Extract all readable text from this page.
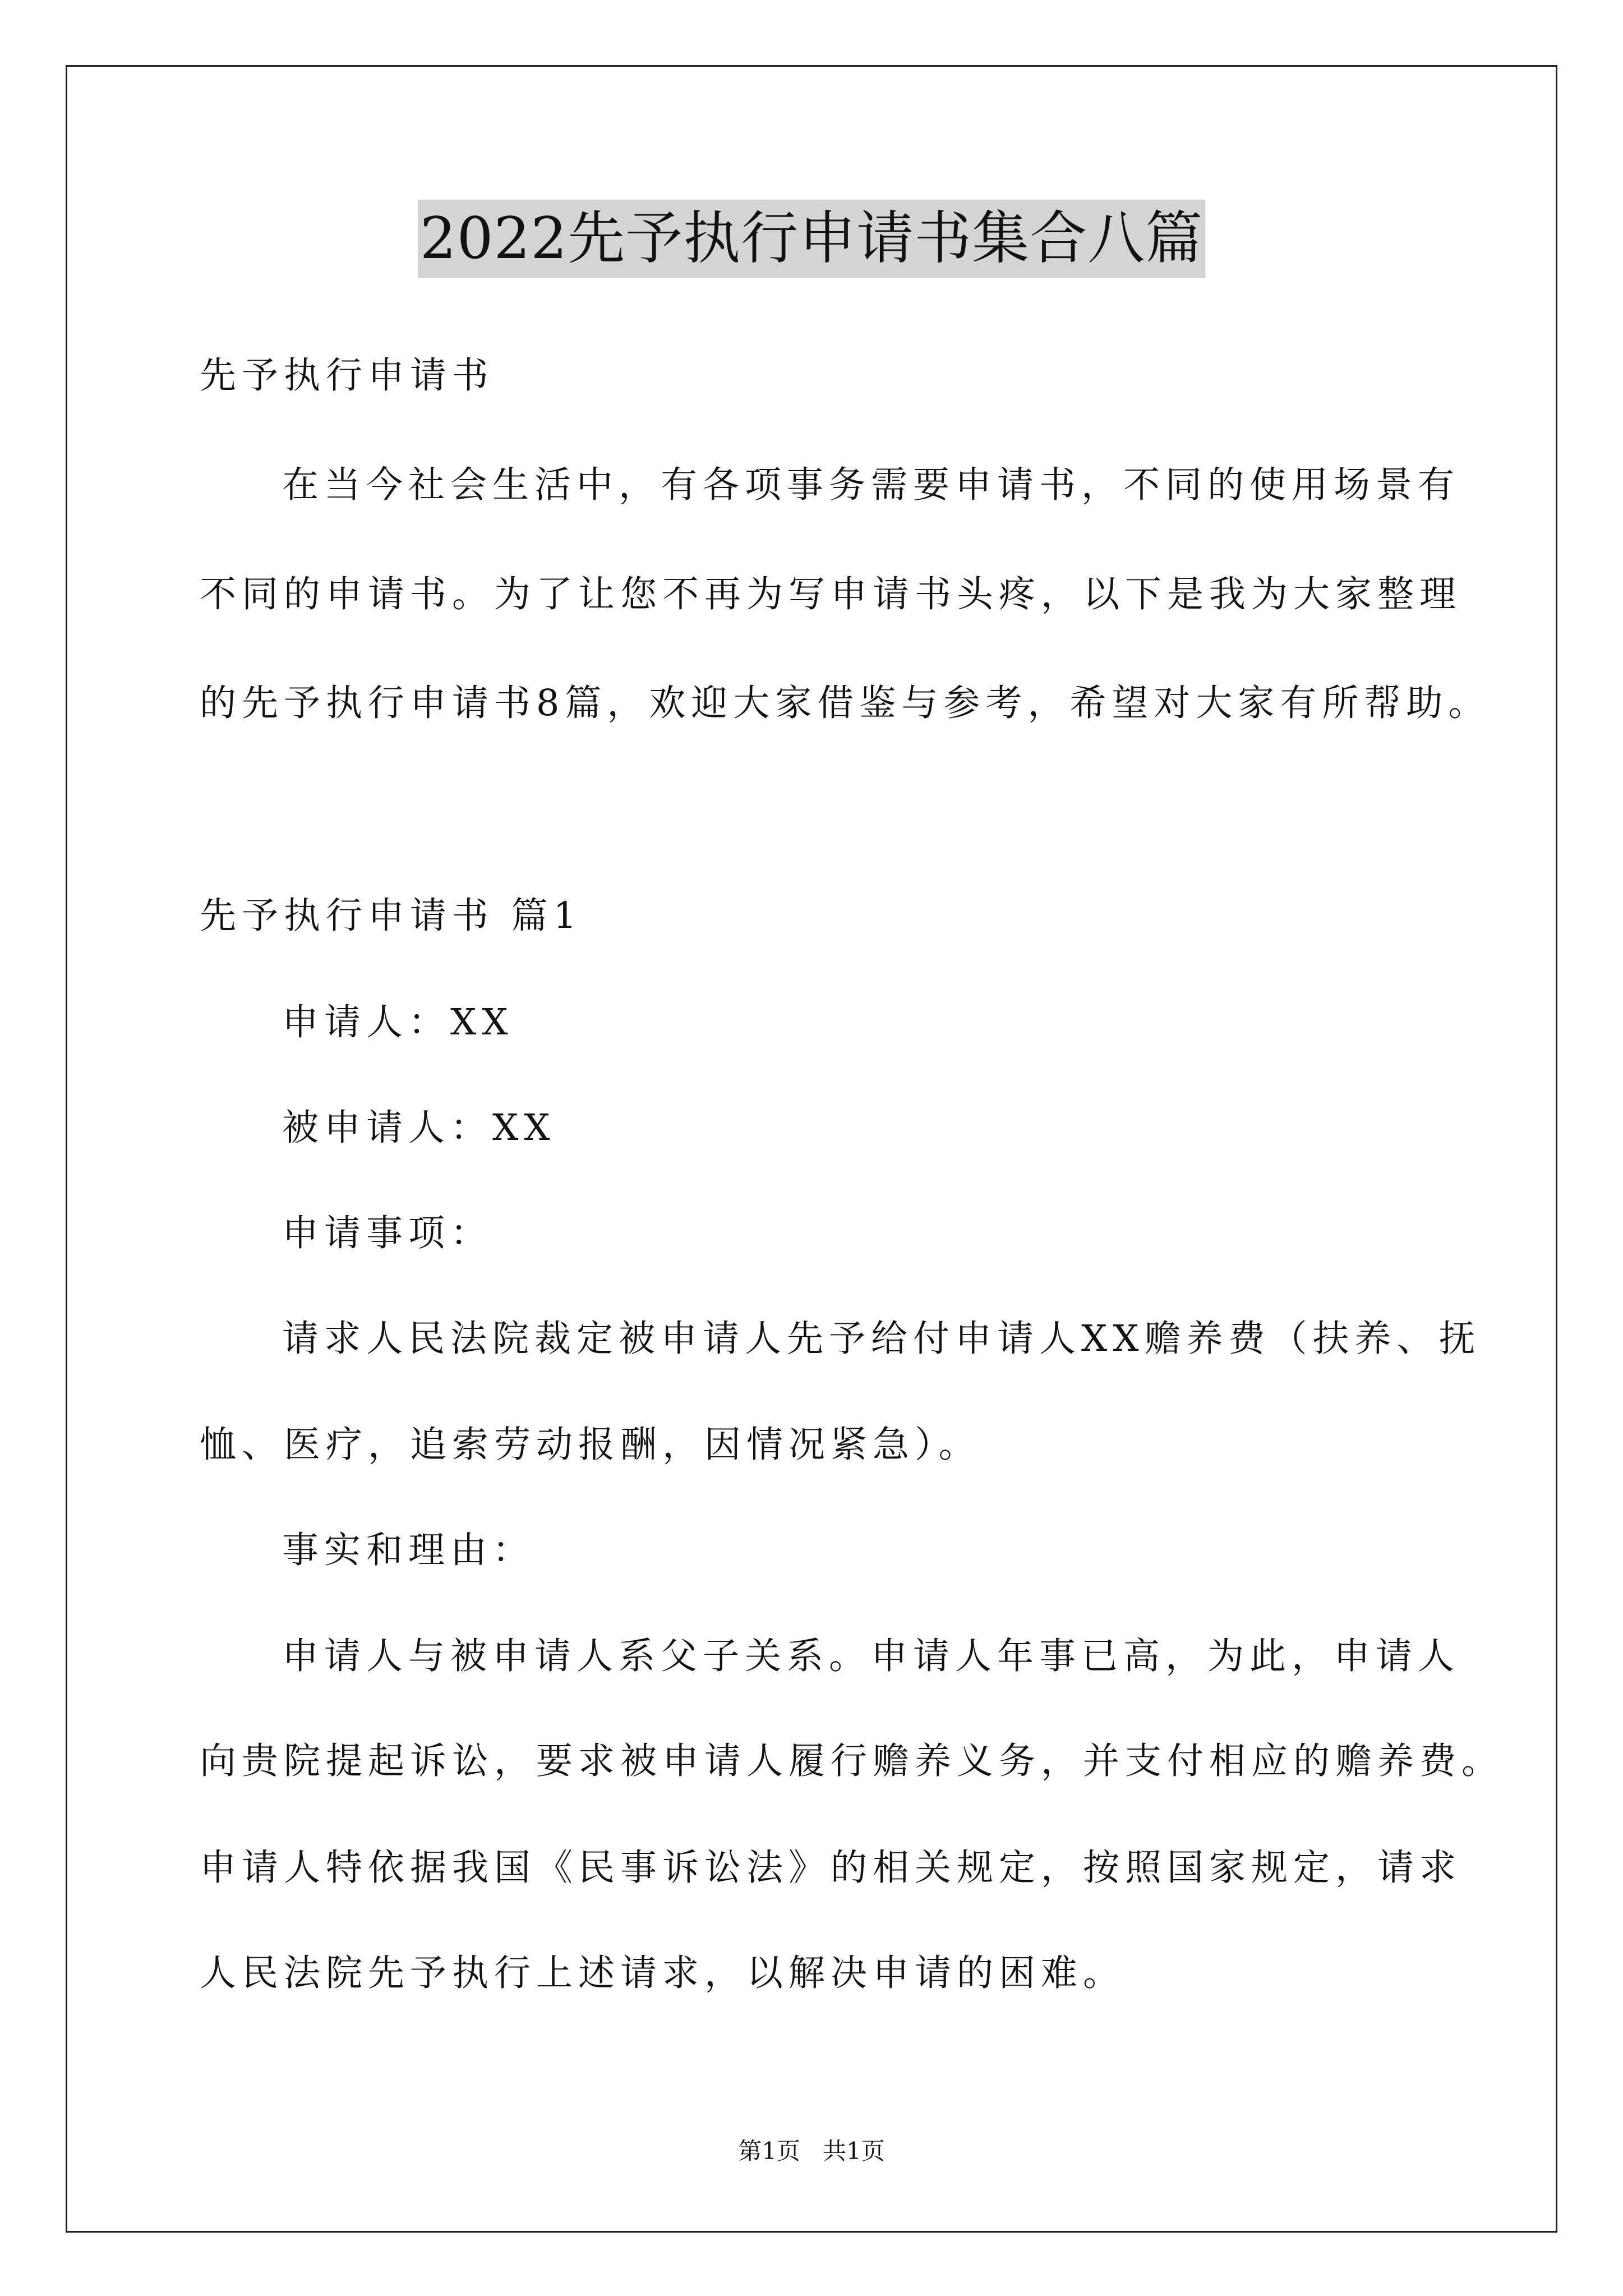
2022先予执行申请书集合八篇
先予执行申请书
在当今社会生活中，有各项事务需要申请书，不同的使用场景有
不同的申请书。为了让您不再为写申请书头疼，以下是我为大家整理
的先予执行申请书8篇，欢迎大家借鉴与参考，希望对大家有所帮助。
先予执行申请书 篇1
申请人：XX
被申请人：XX
申请事项：
请求人民法院裁定被申请人先予给付申请人XX赡养费（扶养、抚
恤、医疗，追索劳动报酬，因情况紧急）。
事实和理由：
申请人与被申请人系父子关系。申请人年事已高，为此，申请人
向贵院提起诉讼，要求被申请人履行赡养义务，并支付相应的赡养费。
申请人特依据我国《民事诉讼法》的相关规定，按照国家规定，请求
人民法院先予执行上述请求，以解决申请的困难。
第1页   共1页
